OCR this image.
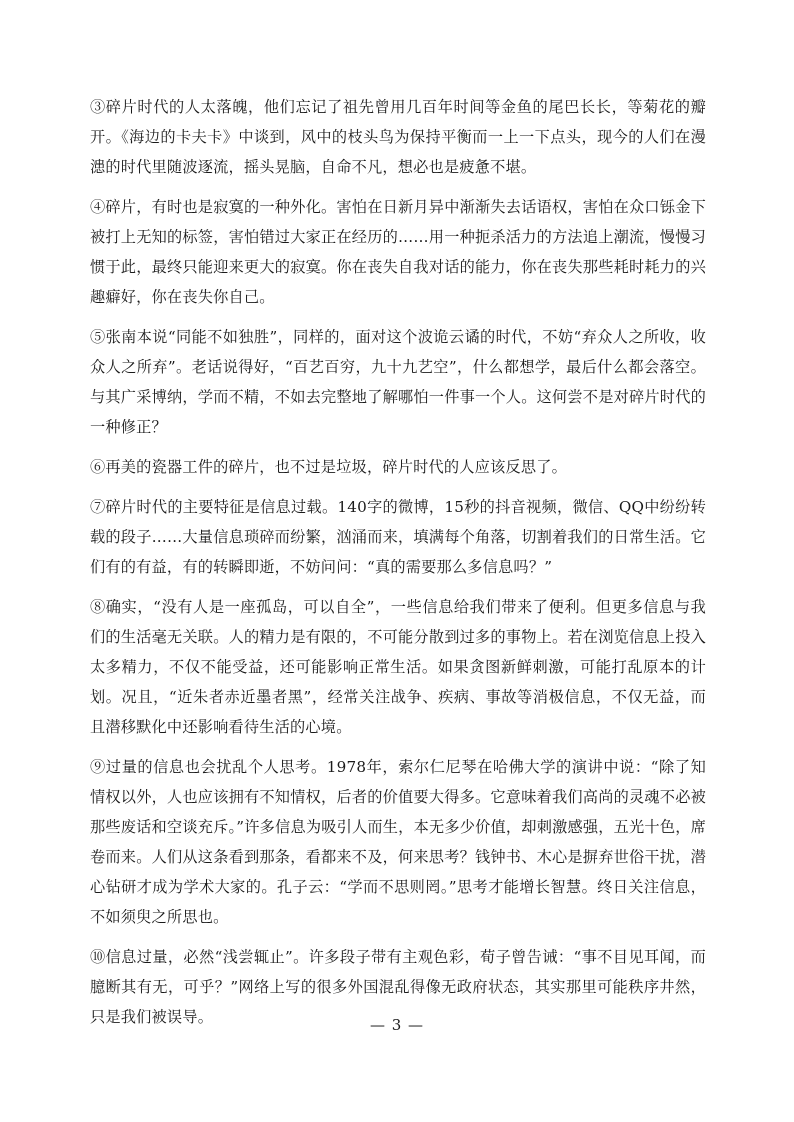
③碎片时代的人太落魄，他们忘记了祖先曾用几百年时间等金鱼的尾巴长长，等菊花的瓣开。《海边的卡夫卡》中谈到，风中的枝头鸟为保持平衡而一上一下点头，现今的人们在漫漶的时代里随波逐流，摇头晃脑，自命不凡，想必也是疲惫不堪。

④碎片，有时也是寂寞的一种外化。害怕在日新月异中渐渐失去话语权，害怕在众口铄金下被打上无知的标签，害怕错过大家正在经历的……用一种扼杀活力的方法追上潮流，慢慢习惯于此，最终只能迎来更大的寂寞。你在丧失自我对话的能力，你在丧失那些耗时耗力的兴趣癖好，你在丧失你自己。

⑤张南本说“同能不如独胜”，同样的，面对这个波诡云谲的时代，不妨“弃众人之所收，收众人之所弃”。老话说得好，“百艺百穷，九十九艺空”，什么都想学，最后什么都会落空。与其广采博纳，学而不精，不如去完整地了解哪怕一件事一个人。这何尝不是对碎片时代的一种修正？

⑥再美的瓷器工件的碎片，也不过是垃圾，碎片时代的人应该反思了。

⑦碎片时代的主要特征是信息过载。140字的微博，15秒的抖音视频，微信、QQ中纷纷转载的段子……大量信息琐碎而纷繁，汹涌而来，填满每个角落，切割着我们的日常生活。它们有的有益，有的转瞬即逝，不妨问问：“真的需要那么多信息吗？”

⑧确实，“没有人是一座孤岛，可以自全”，一些信息给我们带来了便利。但更多信息与我们的生活毫无关联。人的精力是有限的，不可能分散到过多的事物上。若在浏览信息上投入太多精力，不仅不能受益，还可能影响正常生活。如果贪图新鲜刺激，可能打乱原本的计划。况且，“近朱者赤近墨者黑”，经常关注战争、疾病、事故等消极信息，不仅无益，而且潜移默化中还影响看待生活的心境。

⑨过量的信息也会扰乱个人思考。1978年，索尔仁尼琴在哈佛大学的演讲中说：“除了知情权以外，人也应该拥有不知情权，后者的价值要大得多。它意味着我们高尚的灵魂不必被那些废话和空谈充斥。”许多信息为吸引人而生，本无多少价值，却刺激感强，五光十色，席卷而来。人们从这条看到那条，看都来不及，何来思考？钱钟书、木心是摒弃世俗干扰，潜心钻研才成为学术大家的。孔子云：“学而不思则罔。”思考才能增长智慧。终日关注信息，不如须臾之所思也。

⑩信息过量，必然“浅尝辄止”。许多段子带有主观色彩，荀子曾告诫：“事不目见耳闻，而臆断其有无，可乎？”网络上写的很多外国混乱得像无政府状态，其实那里可能秩序井然，只是我们被误导。	— 3 —
